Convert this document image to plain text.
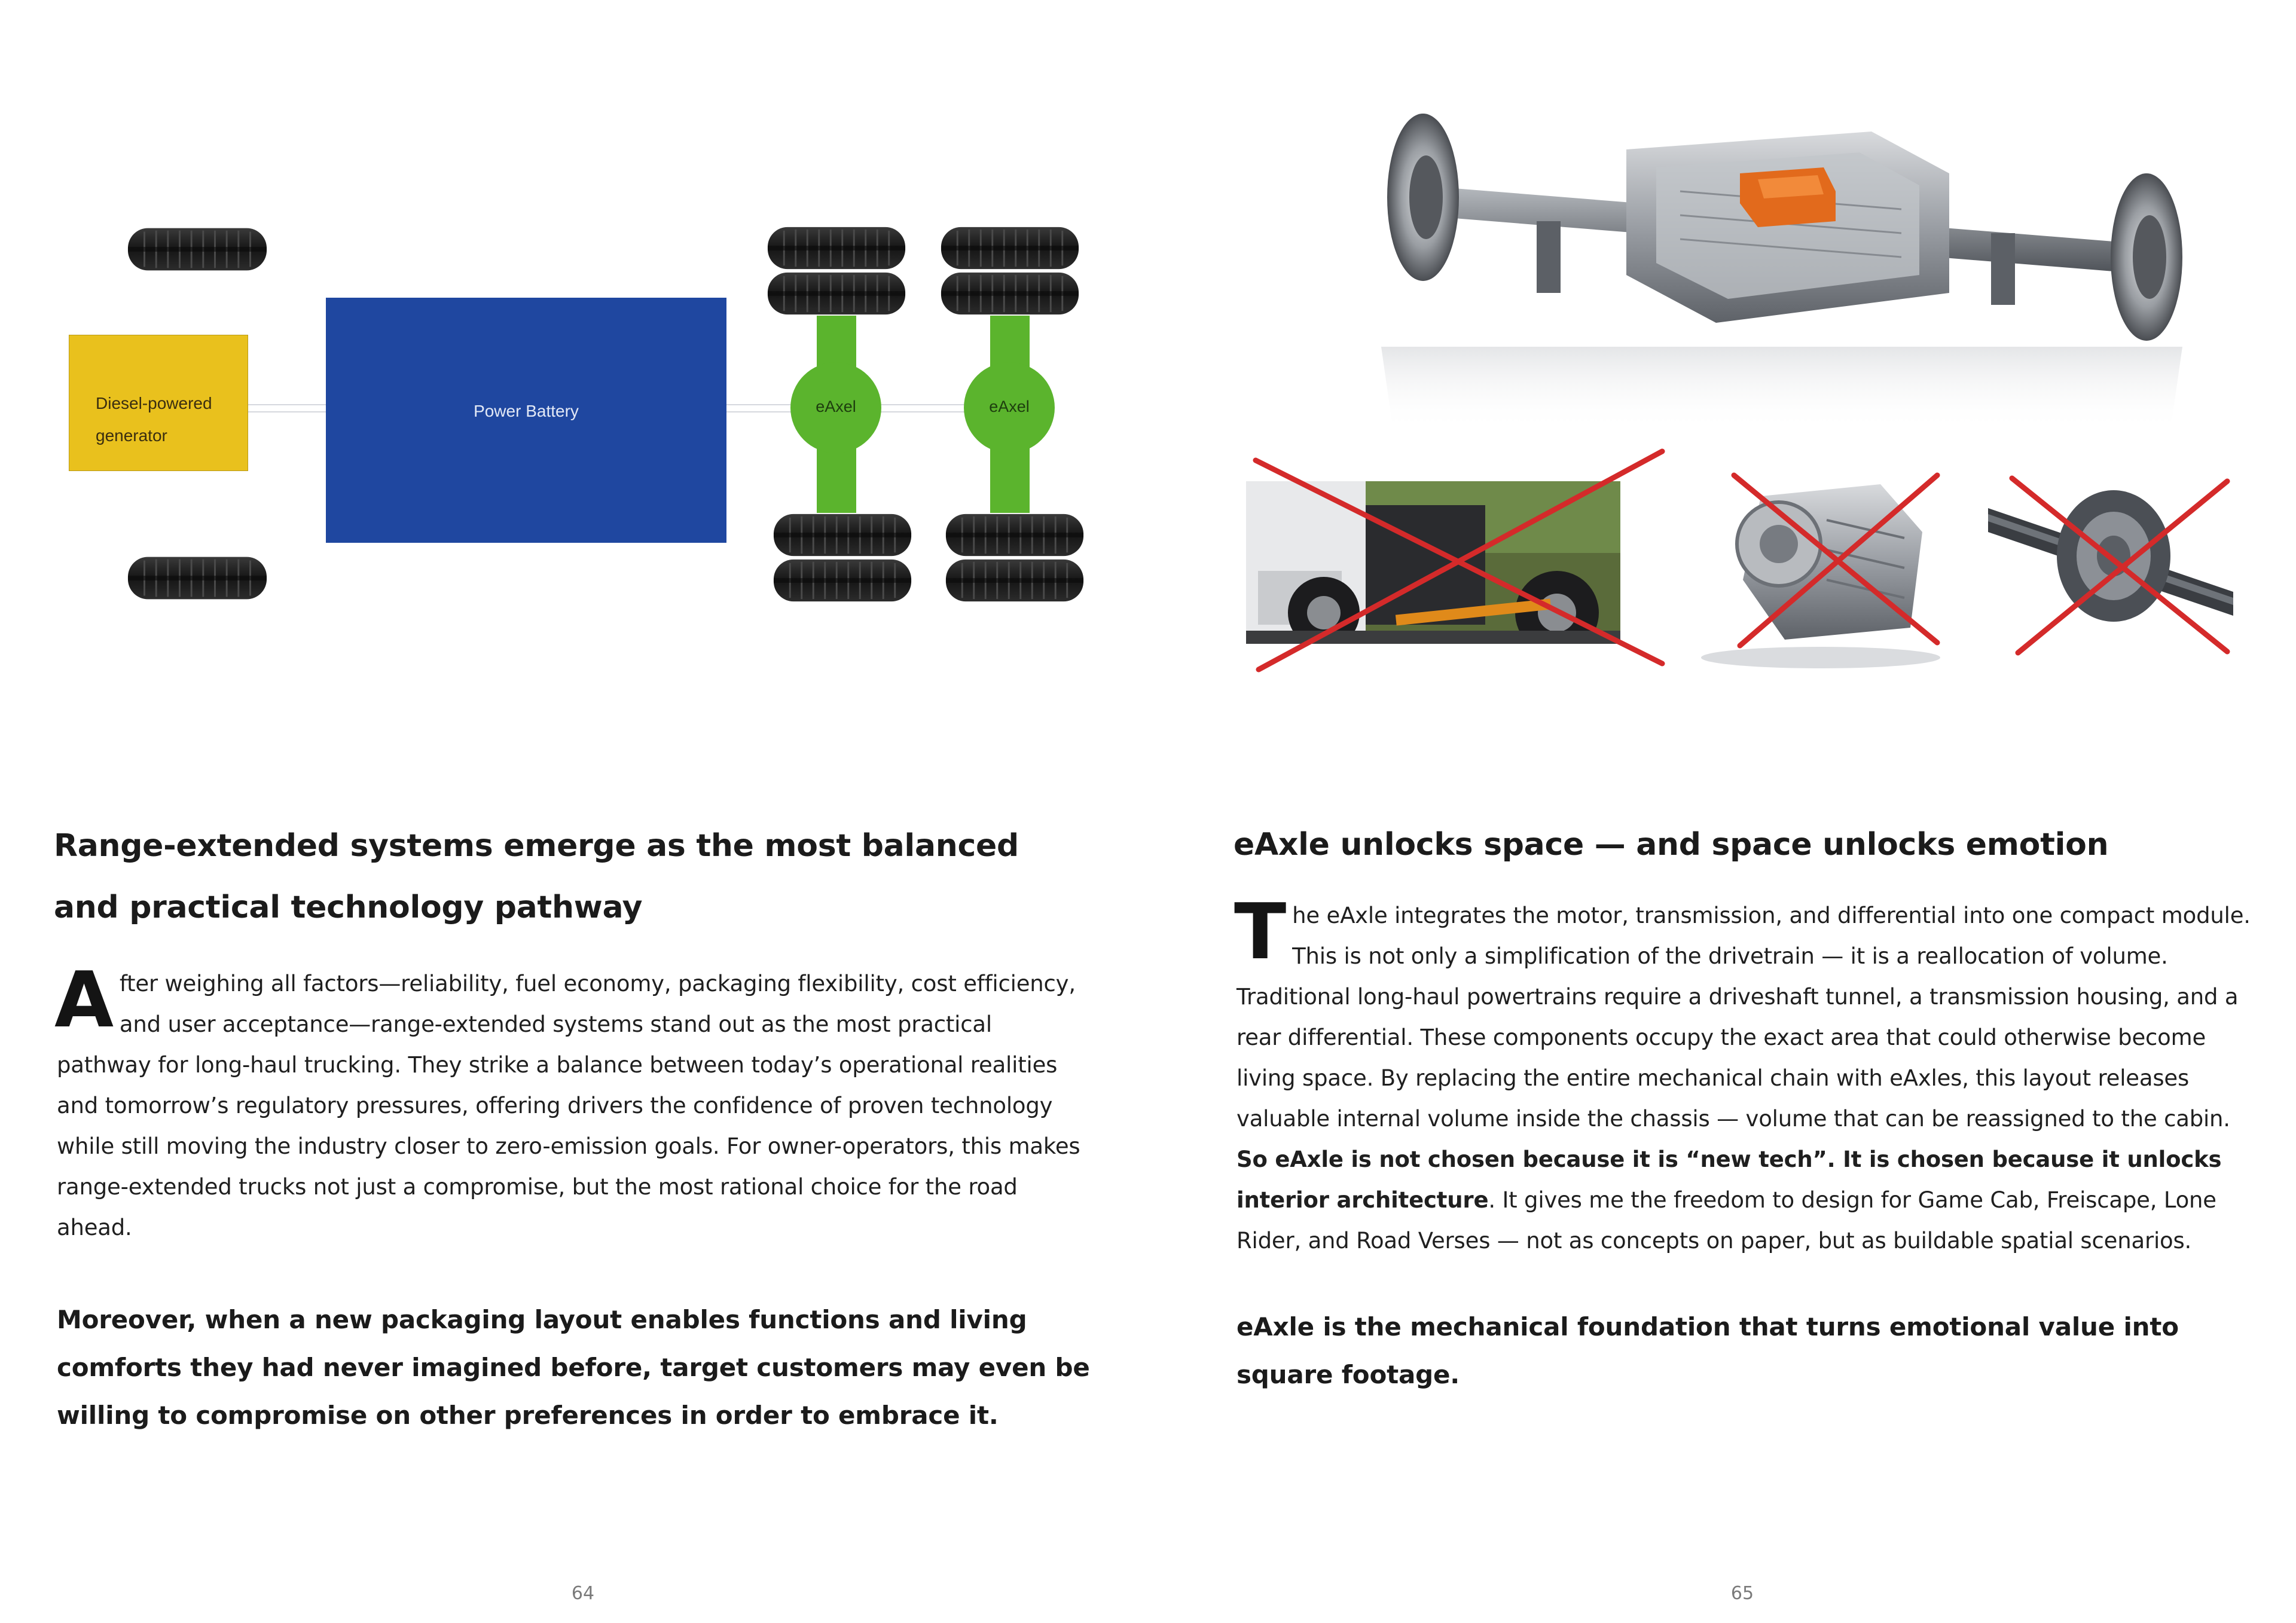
Diesel-powered generator
Power Battery	eAxel	eAxel
Range-extended systems emerge as the most balanced
and practical technology pathway
After weighing all factors—reliability, fuel economy, packaging flexibility, cost efficiency, and user acceptance—range-extended systems stand out as the most practical pathway for long-haul trucking. They strike a balance between today’s operational realities and tomorrow’s regulatory pressures, offering drivers the confidence of proven technology while still moving the industry closer to zero-emission goals. For owner-operators, this makes range-extended trucks not just a compromise, but the most rational choice for the road ahead.
Moreover, when a new packaging layout enables functions and living comforts they had never imagined before, target customers may even be willing to compromise on other preferences in order to embrace it.
64
eAxle unlocks space — and space unlocks emotion
The eAxle integrates the motor, transmission, and differential into one compact module. This is not only a simplification of the drivetrain — it is a reallocation of volume. Traditional long-haul powertrains require a driveshaft tunnel, a transmission housing, and a rear differential. These components occupy the exact area that could otherwise become living space. By replacing the entire mechanical chain with eAxles, this layout releases valuable internal volume inside the chassis — volume that can be reassigned to the cabin. So eAxle is not chosen because it is “new tech”. It is chosen because it unlocks interior architecture. It gives me the freedom to design for Game Cab, Freiscape, Lone Rider, and Road Verses — not as concepts on paper, but as buildable spatial scenarios.
eAxle is the mechanical foundation that turns emotional value into square footage.
65
